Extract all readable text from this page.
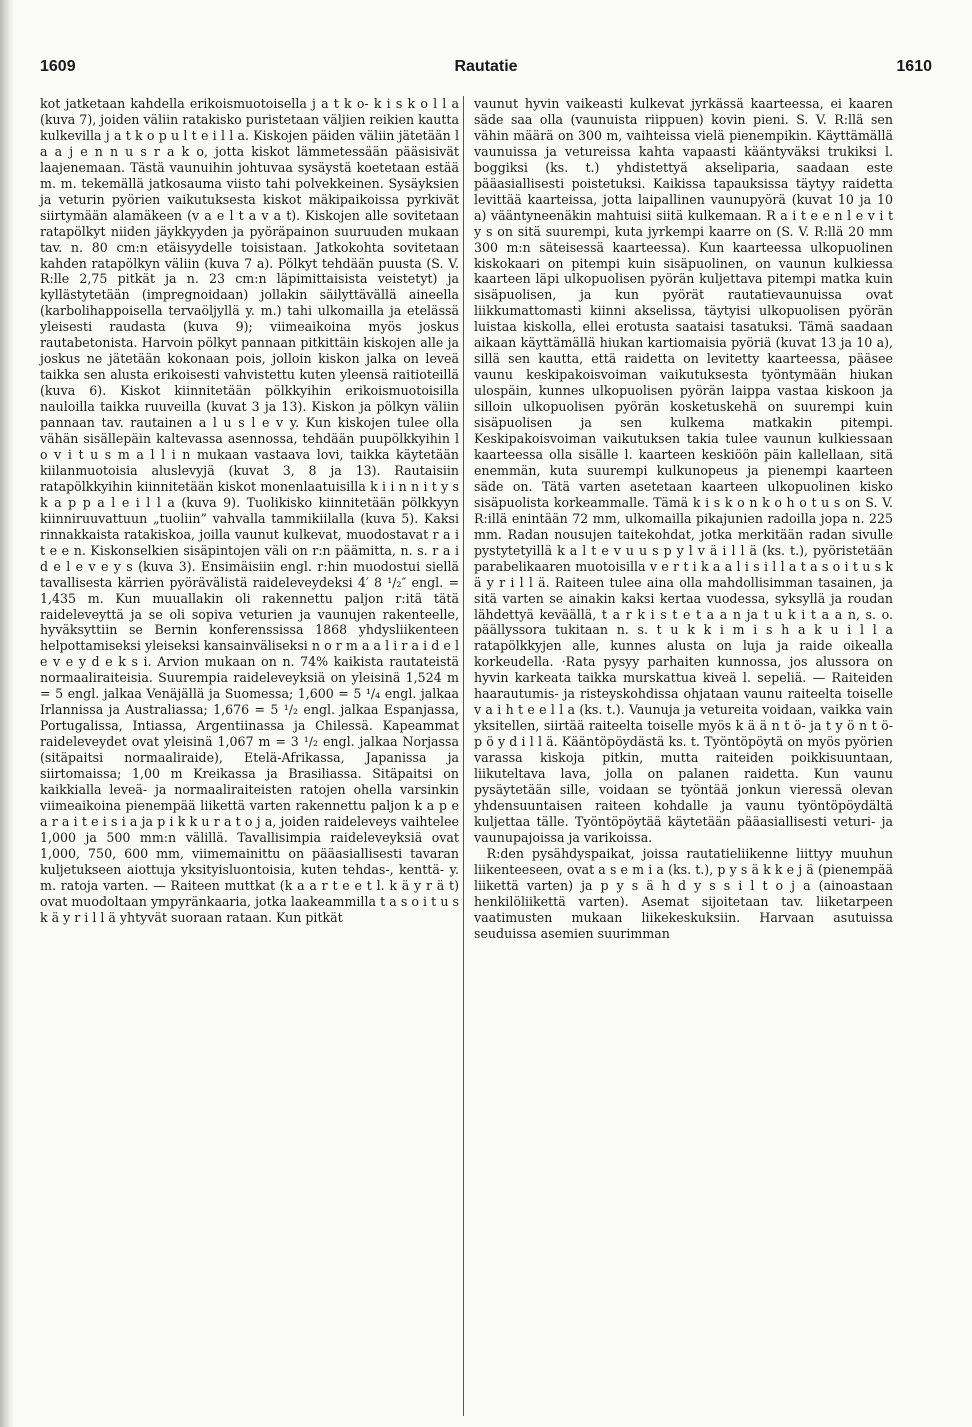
1609	Rautatie	1610

kot jatketaan kahdella erikoismuotoisella j a t k o- k i s k o l l a (kuva 7), joiden väliin ratakisko puristetaan väljien reikien kautta kulkevilla j a t k o p u l t e i l l a. Kiskojen päiden väliin jätetään l a a j e n n u s r a k o, jotta kiskot lämmetessään pääsisivät laajenemaan. Tästä vaunuihin johtuvaa sysäystä koetetaan estää m. m. tekemällä jatkosauma viisto tahi polvekkeinen. Sysäyksien ja veturin pyörien vaikutuksesta kiskot mäkipaikoissa pyrkivät siirtymään alamäkeen (v a e l t a v a t). Kiskojen alle sovitetaan ratapölkyt niiden jäykkyyden ja pyöräpainon suuruuden mukaan tav. n. 80 cm:n etäisyydelle toisistaan. Jatkokohta sovitetaan kahden ratapölkyn väliin (kuva 7 a). Pölkyt tehdään puusta (S. V. R:lle 2,75 pitkät ja n. 23 cm:n läpimittaisista veistetyt) ja kyllästytetään (impregnoidaan) jollakin säilyttävällä aineella (karbolihappoisella tervaöljyllä y. m.) tahi ulkomailla ja etelässä yleisesti raudasta (kuva 9); viimeaikoina myös joskus rautabetonista. Harvoin pölkyt pannaan pitkittäin kiskojen alle ja joskus ne jätetään kokonaan pois, jolloin kiskon jalka on leveä taikka sen alusta erikoisesti vahvistettu kuten yleensä raitioteillä (kuva 6). Kiskot kiinnitetään pölkkyihin erikoismuotoisilla nauloilla taikka ruuveilla (kuvat 3 ja 13). Kiskon ja pölkyn väliin pannaan tav. rautainen a l u s l e v y. Kun kiskojen tulee olla vähän sisällepäin kaltevassa asennossa, tehdään puupölkkyihin l o v i t u s m a l l i n mukaan vastaava lovi, taikka käytetään kiilanmuotoisia aluslevyjä (kuvat 3, 8 ja 13). Rautaisiin ratapölkkyihin kiinnitetään kiskot monenlaatuisilla k i i n n i t y s k a p p a l e i l l a (kuva 9). Tuolikisko kiinnitetään pölkkyyn kiinniruuvattuun „tuoliin” vahvalla tammikiilalla (kuva 5). Kaksi rinnakkaista ratakiskoa, joilla vaunut kulkevat, muodostavat r a i t e e n. Kiskonselkien sisäpintojen väli on r:n päämitta, n. s. r a i d e l e v e y s (kuva 3). Ensimäisiin engl. r:hin muodostui siellä tavallisesta kärrien pyörävälistä raideleveydeksi 4′ 8 ¹/₂″ engl. = 1,435 m. Kun muuallakin oli rakennettu paljon r:itä tätä raideleveyttä ja se oli sopiva veturien ja vaunujen rakenteelle, hyväksyttiin se Bernin konferenssissa 1868 yhdysliikenteen helpottamiseksi yleiseksi kansainväliseksi n o r m a a l i r a i d e l e v e y d e k s i. Arvion mukaan on n. 74% kaikista rautateistä normaaliraiteisia. Suurempia raideleveyksiä on yleisinä 1,524 m = 5 engl. jalkaa Venäjällä ja Suomessa; 1,600 = 5 ¹/₄ engl. jalkaa Irlannissa ja Australiassa; 1,676 = 5 ¹/₂ engl. jalkaa Espanjassa, Portugalissa, Intiassa, Argentiinassa ja Chilessä. Kapeammat raideleveydet ovat yleisinä 1,067 m = 3 ¹/₂ engl. jalkaa Norjassa (sitäpaitsi normaaliraide), Etelä-Afrikassa, Japanissa ja siirtomaissa; 1,00 m Kreikassa ja Brasiliassa. Sitäpaitsi on kaikkialla leveä- ja normaaliraiteisten ratojen ohella varsinkin viimeaikoina pienempää liikettä varten rakennettu paljon k a p e a r a i t e i s i a ja p i k k u r a t o j a, joiden raideleveys vaihtelee 1,000 ja 500 mm:n välillä. Tavallisimpia raideleveyksiä ovat 1,000, 750, 600 mm, viimemainittu on pääasiallisesti tavaran kuljetukseen aiottuja yksityisluontoisia, kuten tehdas-, kenttä- y. m. ratoja varten. — Raiteen muttkat (k a a r t e e t l. k ä y r ä t) ovat muodoltaan ympyränkaaria, jotka laakeammilla t a s o i t u s k ä y r i l l ä yhtyvät suoraan rataan. Kun pitkät

vaunut hyvin vaikeasti kulkevat jyrkässä kaarteessa, ei kaaren säde saa olla (vaunuista riippuen) kovin pieni. S. V. R:llä sen vähin määrä on 300 m, vaihteissa vielä pienempikin. Käyttämällä vaunuissa ja vetureissa kahta vapaasti kääntyväksi trukiksi l. boggiksi (ks. t.) yhdistettyä akseliparia, saadaan este pääasiallisesti poistetuksi. Kaikissa tapauksissa täytyy raidetta levittää kaarteissa, jotta laipallinen vaunupyörä (kuvat 10 ja 10 a) vääntyneenäkin mahtuisi siitä kulkemaan. R a i t e e n l e v i t y s on sitä suurempi, kuta jyrkempi kaarre on (S. V. R:llä 20 mm 300 m:n säteisessä kaarteessa). Kun kaarteessa ulkopuolinen kiskokaari on pitempi kuin sisäpuolinen, on vaunun kulkiessa kaarteen läpi ulkopuolisen pyörän kuljettava pitempi matka kuin sisäpuolisen, ja kun pyörät rautatievaunuissa ovat liikkumattomasti kiinni akselissa, täytyisi ulkopuolisen pyörän luistaa kiskolla, ellei erotusta saataisi tasatuksi. Tämä saadaan aikaan käyttämällä hiukan kartiomaisia pyöriä (kuvat 13 ja 10 a), sillä sen kautta, että raidetta on levitetty kaarteessa, pääsee vaunu keskipakoisvoiman vaikutuksesta työntymään hiukan ulospäin, kunnes ulkopuolisen pyörän laippa vastaa kiskoon ja silloin ulkopuolisen pyörän kosketuskehä on suurempi kuin sisäpuolisen ja sen kulkema matkakin pitempi. Keskipakoisvoiman vaikutuksen takia tulee vaunun kulkiessaan kaarteessa olla sisälle l. kaarteen keskiöön päin kallellaan, sitä enemmän, kuta suurempi kulkunopeus ja pienempi kaarteen säde on. Tätä varten asetetaan kaarteen ulkopuolinen kisko sisäpuolista korkeammalle. Tämä k i s k o n k o h o t u s on S. V. R:illä enintään 72 mm, ulkomailla pikajunien radoilla jopa n. 225 mm. Radan nousujen taitekohdat, jotka merkitään radan sivulle pystytetyillä k a l t e v u u s p y l v ä i l l ä (ks. t.), pyöristetään parabelikaaren muotoisilla v e r t i k a a l i s i l l a t a s o i t u s k ä y r i l l ä. Raiteen tulee aina olla mahdollisimman tasainen, ja sitä varten se ainakin kaksi kertaa vuodessa, syksyllä ja roudan lähdettyä keväällä, t a r k i s t e t a a n ja t u k i t a a n, s. o. päällyssora tukitaan n. s. t u k k i m i s h a k u i l l a ratapölkkyjen alle, kunnes alusta on luja ja raide oikealla korkeudella. ·Rata pysyy parhaiten kunnossa, jos alussora on hyvin karkeata taikka murskattua kiveä l. sepeliä. — Raiteiden haarautumis- ja risteyskohdissa ohjataan vaunu raiteelta toiselle v a i h t e e l l a (ks. t.). Vaunuja ja vetureita voidaan, vaikka vain yksitellen, siirtää raiteelta toiselle myös k ä ä n t ö- ja t y ö n t ö- p ö y d i l l ä. Kääntöpöydästä ks. t. Työntöpöytä on myös pyörien varassa kiskoja pitkin, mutta raiteiden poikkisuuntaan, liikuteltava lava, jolla on palanen raidetta. Kun vaunu pysäytetään sille, voidaan se työntää jonkun vieressä olevan yhdensuuntaisen raiteen kohdalle ja vaunu työntöpöydältä kuljettaa tälle. Työntöpöytää käytetään pääasiallisesti veturi- ja vaunupajoissa ja varikoissa.

R:den pysähdyspaikat, joissa rautatieliikenne liittyy muuhun liikenteeseen, ovat a s e m i a (ks. t.), p y s ä k k e j ä (pienempää liikettä varten) ja p y s ä h d y s s i l t o j a (ainoastaan henkilöliikettä varten). Asemat sijoitetaan tav. liiketarpeen vaatimusten mukaan liikekeskuksiin. Harvaan asutuissa seuduissa asemien suurimman
